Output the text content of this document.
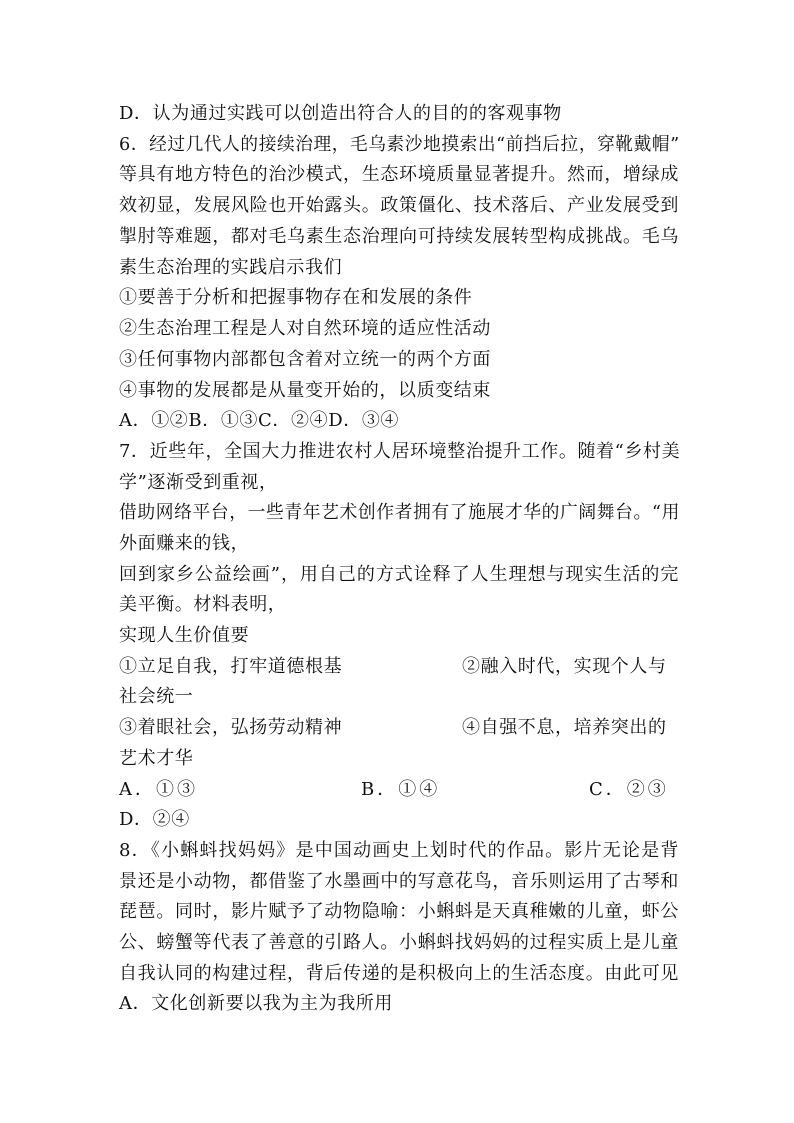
D．认为通过实践可以创造出符合人的目的的客观事物
6．经过几代人的接续治理，毛乌素沙地摸索出“前挡后拉，穿靴戴帽”
等具有地方特色的治沙模式，生态环境质量显著提升。然而，增绿成
效初显，发展风险也开始露头。政策僵化、技术落后、产业发展受到
掣肘等难题，都对毛乌素生态治理向可持续发展转型构成挑战。毛乌
素生态治理的实践启示我们
①要善于分析和把握事物存在和发展的条件
②生态治理工程是人对自然环境的适应性活动
③任何事物内部都包含着对立统一的两个方面
④事物的发展都是从量变开始的，以质变结束
A．①②B．①③C．②④D．③④
7．近些年，全国大力推进农村人居环境整治提升工作。随着“乡村美
学”逐渐受到重视，
借助网络平台，一些青年艺术创作者拥有了施展才华的广阔舞台。“用
外面赚来的钱，
回到家乡公益绘画”，用自己的方式诠释了人生理想与现实生活的完
美平衡。材料表明，
实现人生价值要
①立足自我，打牢道德根基	②融入时代，实现个人与
社会统一
③着眼社会，弘扬劳动精神	④自强不息，培养突出的
艺术才华
A．①③	B．①④	C．②③
D．②④
8．《小蝌蚪找妈妈》是中国动画史上划时代的作品。影片无论是背
景还是小动物，都借鉴了水墨画中的写意花鸟，音乐则运用了古琴和
琵琶。同时，影片赋予了动物隐喻：小蝌蚪是天真稚嫩的儿童，虾公
公、螃蟹等代表了善意的引路人。小蝌蚪找妈妈的过程实质上是儿童
自我认同的构建过程，背后传递的是积极向上的生活态度。由此可见
A．文化创新要以我为主为我所用
